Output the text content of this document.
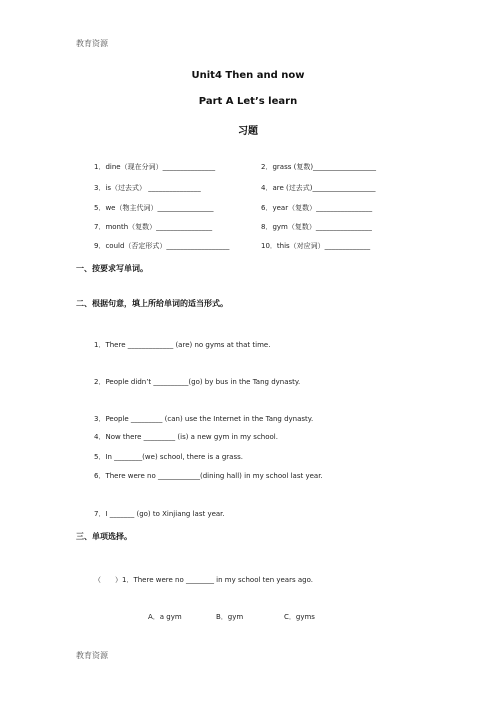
教育资源
Unit4 Then and now
Part A Let’s learn
习题
1．dine（现在分词）_______________	2．grass (复数)__________________
3．is（过去式） _______________	4．are (过去式)__________________
5．we（物主代词）________________	6．year（复数）________________
7．month（复数）________________	8．gym（复数）________________
9．could（否定形式）__________________	10．this（对应词）_____________
一、按要求写单词。
二、根据句意，填上所给单词的适当形式。
1．There _____________ (are) no gyms at that time.
2．People didn’t __________(go) by bus in the Tang dynasty.
3．People _________ (can) use the Internet in the Tang dynasty.
4．Now there _________ (is) a new gym in my school.
5．In ________(we) school, there is a grass.
6．There were no ____________(dining hall) in my school last year.
7．I _______ (go) to Xinjiang last year.
三、单项选择。
（　　）1．There were no ________ in my school ten years ago.
A．a gym	B．gym	C．gyms
教育资源
